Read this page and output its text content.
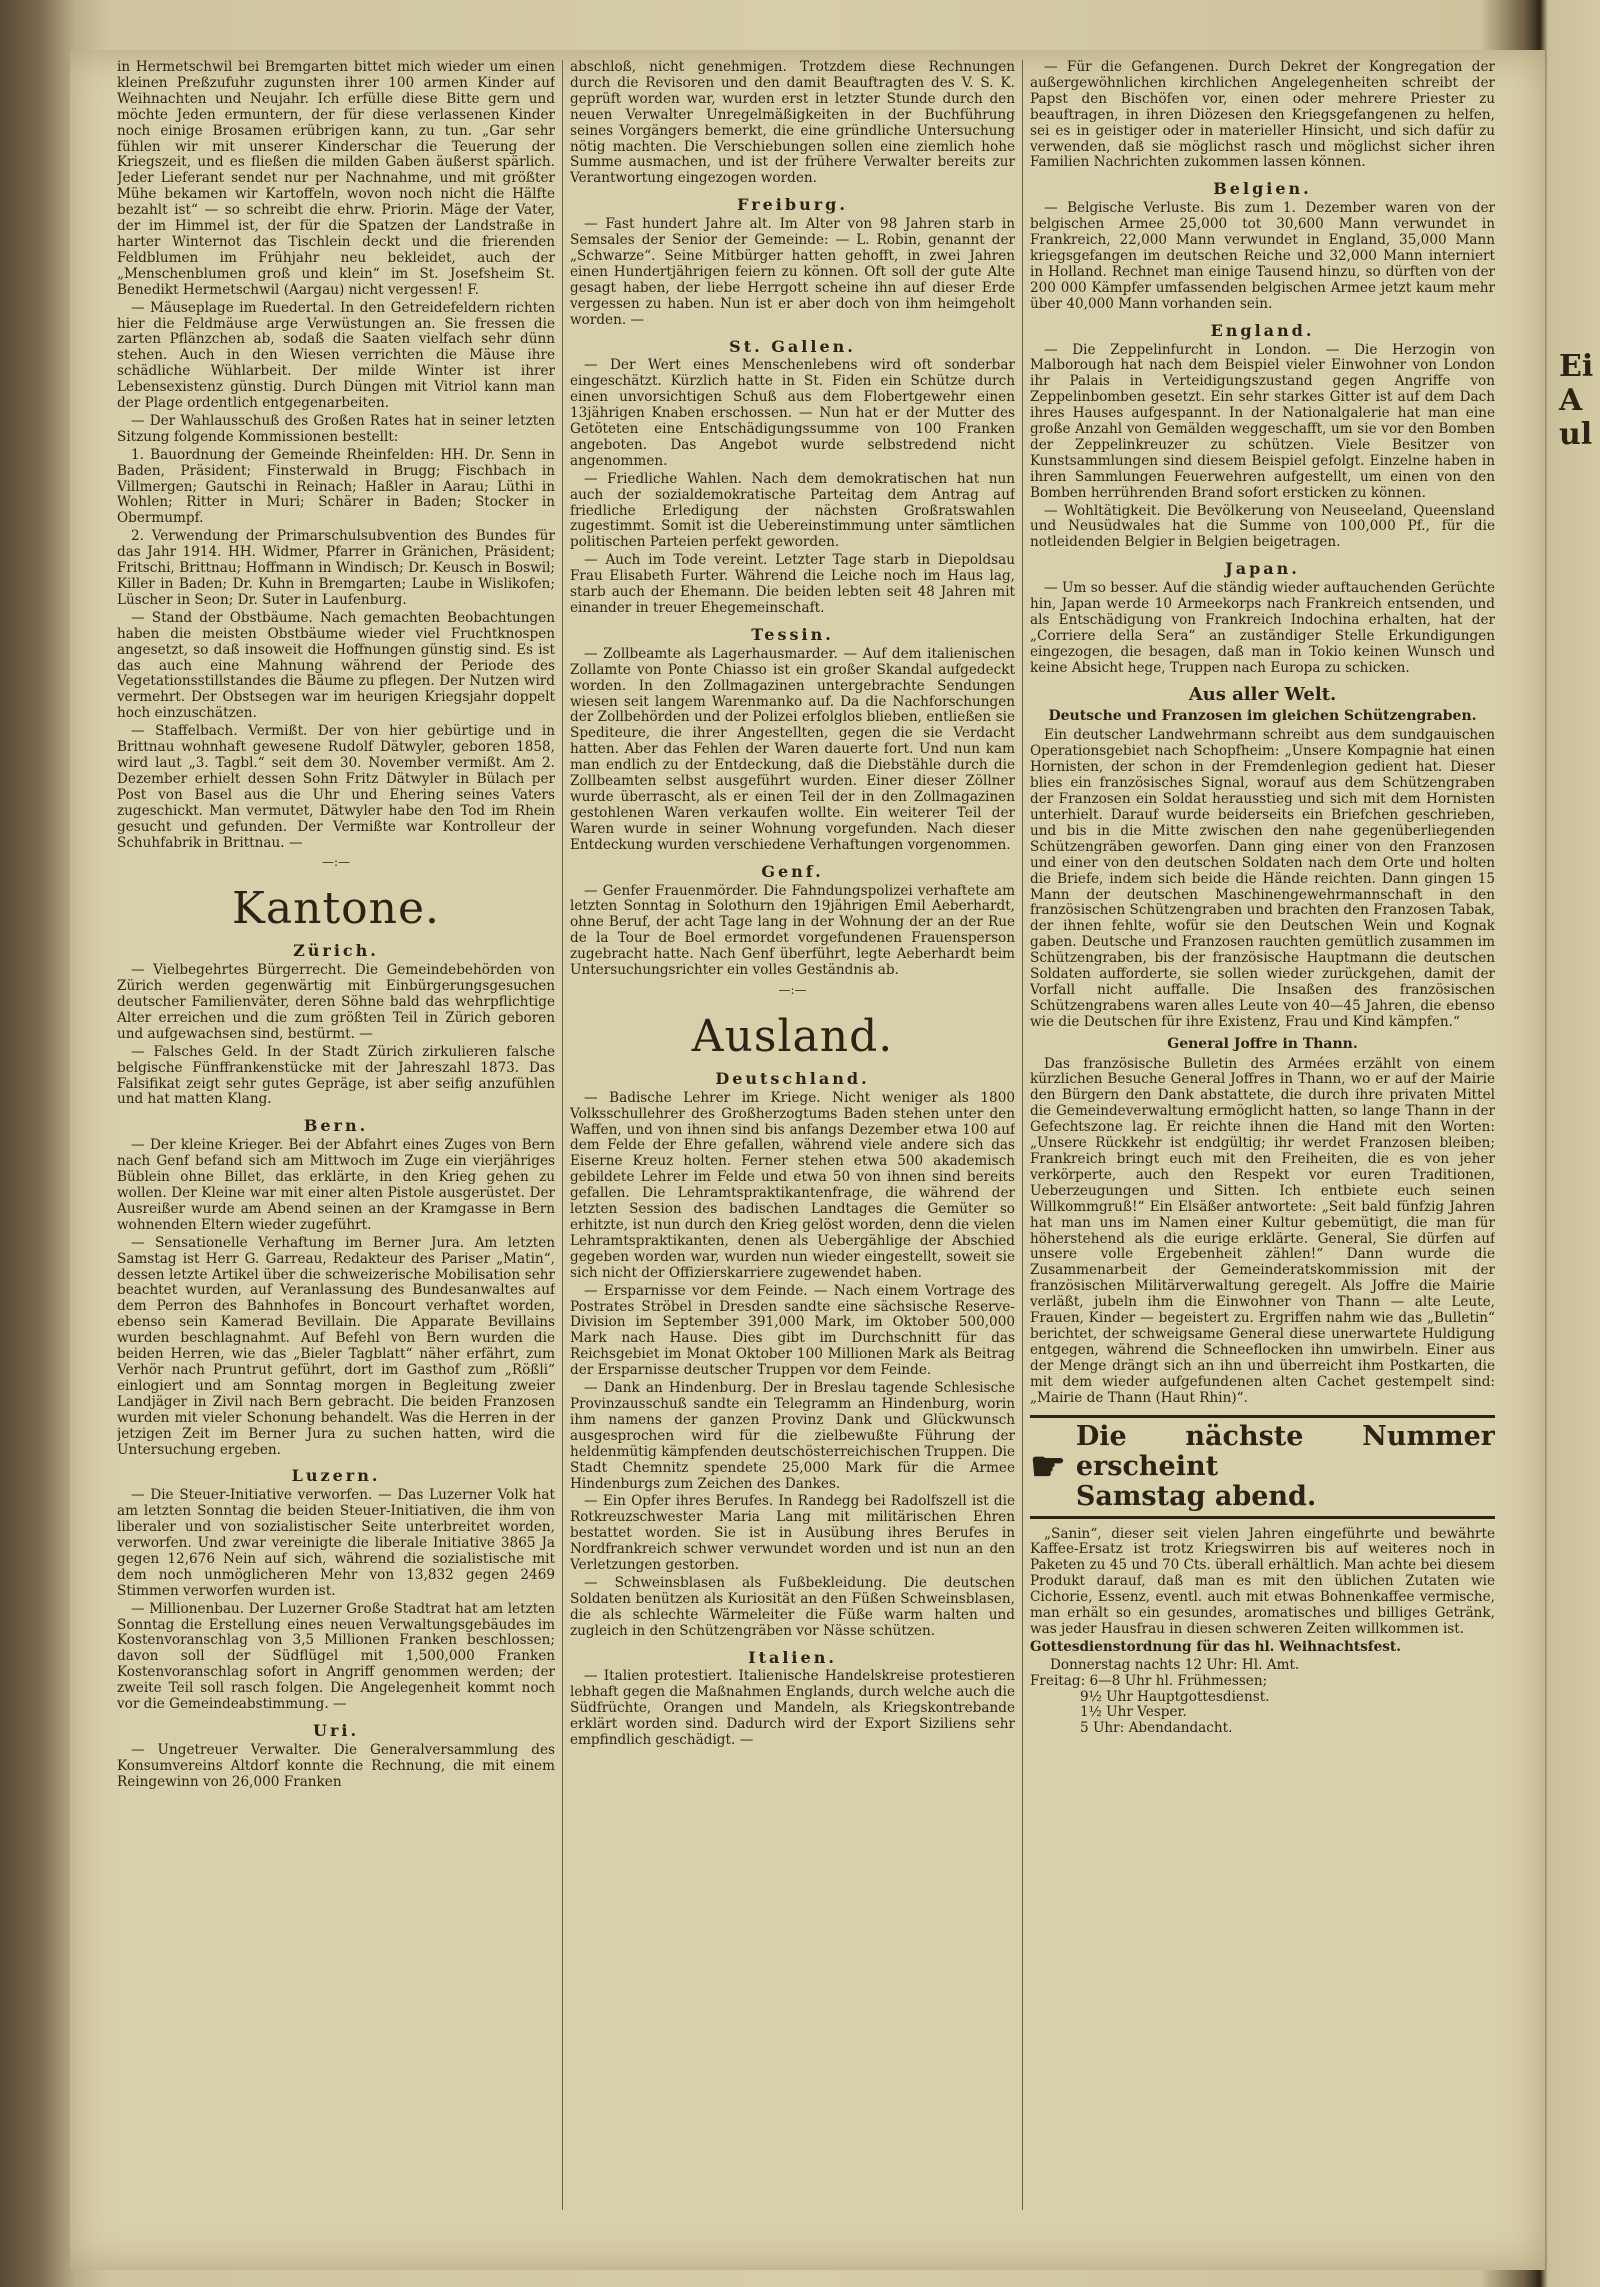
in Hermetschwil bei Bremgarten bittet mich wieder um einen kleinen Preßzufuhr zugunsten ihrer 100 armen Kinder auf Weihnachten und Neujahr. Ich erfülle diese Bitte gern und möchte Jeden ermuntern, der für diese verlassenen Kinder noch einige Brosamen erübrigen kann, zu tun. „Gar sehr fühlen wir mit unserer Kinderschar die Teuerung der Kriegszeit, und es fließen die milden Gaben äußerst spärlich. Jeder Lieferant sendet nur per Nachnahme, und mit größter Mühe bekamen wir Kartoffeln, wovon noch nicht die Hälfte bezahlt ist“ — so schreibt die ehrw. Priorin. Mäge der Vater, der im Himmel ist, der für die Spatzen der Landstraße in harter Winternot das Tischlein deckt und die frierenden Feldblumen im Frühjahr neu bekleidet, auch der „Menschenblumen groß und klein“ im St. Josefsheim St. Benedikt Hermetschwil (Aargau) nicht vergessen! F.

— Mäuseplage im Ruedertal. In den Getreidefeldern richten hier die Feldmäuse arge Verwüstungen an. Sie fressen die zarten Pflänzchen ab, sodaß die Saaten vielfach sehr dünn stehen. Auch in den Wiesen verrichten die Mäuse ihre schädliche Wühlarbeit. Der milde Winter ist ihrer Lebensexistenz günstig. Durch Düngen mit Vitriol kann man der Plage ordentlich entgegenarbeiten.

— Der Wahlausschuß des Großen Rates hat in seiner letzten Sitzung folgende Kommissionen bestellt:

1. Bauordnung der Gemeinde Rheinfelden: HH. Dr. Senn in Baden, Präsident; Finsterwald in Brugg; Fischbach in Villmergen; Gautschi in Reinach; Haßler in Aarau; Lüthi in Wohlen; Ritter in Muri; Schärer in Baden; Stocker in Obermumpf.

2. Verwendung der Primarschulsubvention des Bundes für das Jahr 1914. HH. Widmer, Pfarrer in Gränichen, Präsident; Fritschi, Brittnau; Hoffmann in Windisch; Dr. Keusch in Boswil; Killer in Baden; Dr. Kuhn in Bremgarten; Laube in Wislikofen; Lüscher in Seon; Dr. Suter in Laufenburg.

— Stand der Obstbäume. Nach gemachten Beobachtungen haben die meisten Obstbäume wieder viel Fruchtknospen angesetzt, so daß insoweit die Hoffnungen günstig sind. Es ist das auch eine Mahnung während der Periode des Vegetationsstillstandes die Bäume zu pflegen. Der Nutzen wird vermehrt. Der Obstsegen war im heurigen Kriegsjahr doppelt hoch einzuschätzen.

— Staffelbach. Vermißt. Der von hier gebürtige und in Brittnau wohnhaft gewesene Rudolf Dätwyler, geboren 1858, wird laut „3. Tagbl.“ seit dem 30. November vermißt. Am 2. Dezember erhielt dessen Sohn Fritz Dätwyler in Bülach per Post von Basel aus die Uhr und Ehering seines Vaters zugeschickt. Man vermutet, Dätwyler habe den Tod im Rhein gesucht und gefunden. Der Vermißte war Kontrolleur der Schuhfabrik in Brittnau. —

—:—
Kantone.
Zürich.

— Vielbegehrtes Bürgerrecht. Die Gemeindebehörden von Zürich werden gegenwärtig mit Einbürgerungsgesuchen deutscher Familienväter, deren Söhne bald das wehrpflichtige Alter erreichen und die zum größten Teil in Zürich geboren und aufgewachsen sind, bestürmt. —

— Falsches Geld. In der Stadt Zürich zirkulieren falsche belgische Fünffrankenstücke mit der Jahreszahl 1873. Das Falsifikat zeigt sehr gutes Gepräge, ist aber seifig anzufühlen und hat matten Klang.

Bern.

— Der kleine Krieger. Bei der Abfahrt eines Zuges von Bern nach Genf befand sich am Mittwoch im Zuge ein vierjähriges Büblein ohne Billet, das erklärte, in den Krieg gehen zu wollen. Der Kleine war mit einer alten Pistole ausgerüstet. Der Ausreißer wurde am Abend seinen an der Kramgasse in Bern wohnenden Eltern wieder zugeführt.

— Sensationelle Verhaftung im Berner Jura. Am letzten Samstag ist Herr G. Garreau, Redakteur des Pariser „Matin“, dessen letzte Artikel über die schweizerische Mobilisation sehr beachtet wurden, auf Veranlassung des Bundesanwaltes auf dem Perron des Bahnhofes in Boncourt verhaftet worden, ebenso sein Kamerad Bevillain. Die Apparate Bevillains wurden beschlagnahmt. Auf Befehl von Bern wurden die beiden Herren, wie das „Bieler Tagblatt“ näher erfährt, zum Verhör nach Pruntrut geführt, dort im Gasthof zum „Rößli“ einlogiert und am Sonntag morgen in Begleitung zweier Landjäger in Zivil nach Bern gebracht. Die beiden Franzosen wurden mit vieler Schonung behandelt. Was die Herren in der jetzigen Zeit im Berner Jura zu suchen hatten, wird die Untersuchung ergeben.

Luzern.

— Die Steuer-Initiative verworfen. — Das Luzerner Volk hat am letzten Sonntag die beiden Steuer-Initiativen, die ihm von liberaler und von sozialistischer Seite unterbreitet worden, verworfen. Und zwar vereinigte die liberale Initiative 3865 Ja gegen 12,676 Nein auf sich, während die sozialistische mit dem noch unmöglicheren Mehr von 13,832 gegen 2469 Stimmen verworfen wurden ist.

— Millionenbau. Der Luzerner Große Stadtrat hat am letzten Sonntag die Erstellung eines neuen Verwaltungsgebäudes im Kostenvoranschlag von 3,5 Millionen Franken beschlossen; davon soll der Südflügel mit 1,500,000 Franken Kostenvoranschlag sofort in Angriff genommen werden; der zweite Teil soll rasch folgen. Die Angelegenheit kommt noch vor die Gemeindeabstimmung. —

Uri.

— Ungetreuer Verwalter. Die Generalversammlung des Konsumvereins Altdorf konnte die Rechnung, die mit einem Reingewinn von 26,000 Franken

abschloß, nicht genehmigen. Trotzdem diese Rechnungen durch die Revisoren und den damit Beauftragten des V. S. K. geprüft worden war, wurden erst in letzter Stunde durch den neuen Verwalter Unregelmäßigkeiten in der Buchführung seines Vorgängers bemerkt, die eine gründliche Untersuchung nötig machten. Die Verschiebungen sollen eine ziemlich hohe Summe ausmachen, und ist der frühere Verwalter bereits zur Verantwortung eingezogen worden.

Freiburg.

— Fast hundert Jahre alt. Im Alter von 98 Jahren starb in Semsales der Senior der Gemeinde: — L. Robin, genannt der „Schwarze“. Seine Mitbürger hatten gehofft, in zwei Jahren einen Hundertjährigen feiern zu können. Oft soll der gute Alte gesagt haben, der liebe Herrgott scheine ihn auf dieser Erde vergessen zu haben. Nun ist er aber doch von ihm heimgeholt worden. —

St. Gallen.

— Der Wert eines Menschenlebens wird oft sonderbar eingeschätzt. Kürzlich hatte in St. Fiden ein Schütze durch einen unvorsichtigen Schuß aus dem Flobertgewehr einen 13jährigen Knaben erschossen. — Nun hat er der Mutter des Getöteten eine Entschädigungssumme von 100 Franken angeboten. Das Angebot wurde selbstredend nicht angenommen.

— Friedliche Wahlen. Nach dem demokratischen hat nun auch der sozialdemokratische Parteitag dem Antrag auf friedliche Erledigung der nächsten Großratswahlen zugestimmt. Somit ist die Uebereinstimmung unter sämtlichen politischen Parteien perfekt geworden.

— Auch im Tode vereint. Letzter Tage starb in Diepoldsau Frau Elisabeth Furter. Während die Leiche noch im Haus lag, starb auch der Ehemann. Die beiden lebten seit 48 Jahren mit einander in treuer Ehegemeinschaft.

Tessin.

— Zollbeamte als Lagerhausmarder. — Auf dem italienischen Zollamte von Ponte Chiasso ist ein großer Skandal aufgedeckt worden. In den Zollmagazinen untergebrachte Sendungen wiesen seit langem Warenmanko auf. Da die Nachforschungen der Zollbehörden und der Polizei erfolglos blieben, entließen sie Spediteure, die ihrer Angestellten, gegen die sie Verdacht hatten. Aber das Fehlen der Waren dauerte fort. Und nun kam man endlich zu der Entdeckung, daß die Diebstähle durch die Zollbeamten selbst ausgeführt wurden. Einer dieser Zöllner wurde überrascht, als er einen Teil der in den Zollmagazinen gestohlenen Waren verkaufen wollte. Ein weiterer Teil der Waren wurde in seiner Wohnung vorgefunden. Nach dieser Entdeckung wurden verschiedene Verhaftungen vorgenommen.

Genf.

— Genfer Frauenmörder. Die Fahndungspolizei verhaftete am letzten Sonntag in Solothurn den 19jährigen Emil Aeberhardt, ohne Beruf, der acht Tage lang in der Wohnung der an der Rue de la Tour de Boel ermordet vorgefundenen Frauensperson zugebracht hatte. Nach Genf überführt, legte Aeberhardt beim Untersuchungsrichter ein volles Geständnis ab.

—:—
Ausland.
Deutschland.

— Badische Lehrer im Kriege. Nicht weniger als 1800 Volksschullehrer des Großherzogtums Baden stehen unter den Waffen, und von ihnen sind bis anfangs Dezember etwa 100 auf dem Felde der Ehre gefallen, während viele andere sich das Eiserne Kreuz holten. Ferner stehen etwa 500 akademisch gebildete Lehrer im Felde und etwa 50 von ihnen sind bereits gefallen. Die Lehramtspraktikantenfrage, die während der letzten Session des badischen Landtages die Gemüter so erhitzte, ist nun durch den Krieg gelöst worden, denn die vielen Lehramtspraktikanten, denen als Uebergählige der Abschied gegeben worden war, wurden nun wieder eingestellt, soweit sie sich nicht der Offizierskarriere zugewendet haben.

— Ersparnisse vor dem Feinde. — Nach einem Vortrage des Postrates Ströbel in Dresden sandte eine sächsische Reserve-Division im September 391,000 Mark, im Oktober 500,000 Mark nach Hause. Dies gibt im Durchschnitt für das Reichsgebiet im Monat Oktober 100 Millionen Mark als Beitrag der Ersparnisse deutscher Truppen vor dem Feinde.

— Dank an Hindenburg. Der in Breslau tagende Schlesische Provinzausschuß sandte ein Telegramm an Hindenburg, worin ihm namens der ganzen Provinz Dank und Glückwunsch ausgesprochen wird für die zielbewußte Führung der heldenmütig kämpfenden deutschösterreichischen Truppen. Die Stadt Chemnitz spendete 25,000 Mark für die Armee Hindenburgs zum Zeichen des Dankes.

— Ein Opfer ihres Berufes. In Randegg bei Radolfszell ist die Rotkreuzschwester Maria Lang mit militärischen Ehren bestattet worden. Sie ist in Ausübung ihres Berufes in Nordfrankreich schwer verwundet worden und ist nun an den Verletzungen gestorben.

— Schweinsblasen als Fußbekleidung. Die deutschen Soldaten benützen als Kuriosität an den Füßen Schweinsblasen, die als schlechte Wärmeleiter die Füße warm halten und zugleich in den Schützengräben vor Nässe schützen.

Italien.

— Italien protestiert. Italienische Handelskreise protestieren lebhaft gegen die Maßnahmen Englands, durch welche auch die Südfrüchte, Orangen und Mandeln, als Kriegskontrebande erklärt worden sind. Dadurch wird der Export Siziliens sehr empfindlich geschädigt. —

— Für die Gefangenen. Durch Dekret der Kongregation der außergewöhnlichen kirchlichen Angelegenheiten schreibt der Papst den Bischöfen vor, einen oder mehrere Priester zu beauftragen, in ihren Diözesen den Kriegsgefangenen zu helfen, sei es in geistiger oder in materieller Hinsicht, und sich dafür zu verwenden, daß sie möglichst rasch und möglichst sicher ihren Familien Nachrichten zukommen lassen können.

Belgien.

— Belgische Verluste. Bis zum 1. Dezember waren von der belgischen Armee 25,000 tot 30,600 Mann verwundet in Frankreich, 22,000 Mann verwundet in England, 35,000 Mann kriegsgefangen im deutschen Reiche und 32,000 Mann interniert in Holland. Rechnet man einige Tausend hinzu, so dürften von der 200 000 Kämpfer umfassenden belgischen Armee jetzt kaum mehr über 40,000 Mann vorhanden sein.

England.

— Die Zeppelinfurcht in London. — Die Herzogin von Malborough hat nach dem Beispiel vieler Einwohner von London ihr Palais in Verteidigungszustand gegen Angriffe von Zeppelinbomben gesetzt. Ein sehr starkes Gitter ist auf dem Dach ihres Hauses aufgespannt. In der Nationalgalerie hat man eine große Anzahl von Gemälden weggeschafft, um sie vor den Bomben der Zeppelinkreuzer zu schützen. Viele Besitzer von Kunstsammlungen sind diesem Beispiel gefolgt. Einzelne haben in ihren Sammlungen Feuerwehren aufgestellt, um einen von den Bomben herrührenden Brand sofort ersticken zu können.

— Wohltätigkeit. Die Bevölkerung von Neuseeland, Queensland und Neusüdwales hat die Summe von 100,000 Pf., für die notleidenden Belgier in Belgien beigetragen.

Japan.

— Um so besser. Auf die ständig wieder auftauchenden Gerüchte hin, Japan werde 10 Armeekorps nach Frankreich entsenden, und als Entschädigung von Frankreich Indochina erhalten, hat der „Corriere della Sera“ an zuständiger Stelle Erkundigungen eingezogen, die besagen, daß man in Tokio keinen Wunsch und keine Absicht hege, Truppen nach Europa zu schicken.

Aus aller Welt.
Deutsche und Franzosen im gleichen Schützengraben.

Ein deutscher Landwehrmann schreibt aus dem sundgauischen Operationsgebiet nach Schopfheim: „Unsere Kompagnie hat einen Hornisten, der schon in der Fremdenlegion gedient hat. Dieser blies ein französisches Signal, worauf aus dem Schützengraben der Franzosen ein Soldat herausstieg und sich mit dem Hornisten unterhielt. Darauf wurde beiderseits ein Briefchen geschrieben, und bis in die Mitte zwischen den nahe gegenüberliegenden Schützengräben geworfen. Dann ging einer von den Franzosen und einer von den deutschen Soldaten nach dem Orte und holten die Briefe, indem sich beide die Hände reichten. Dann gingen 15 Mann der deutschen Maschinengewehrmannschaft in den französischen Schützengraben und brachten den Franzosen Tabak, der ihnen fehlte, wofür sie den Deutschen Wein und Kognak gaben. Deutsche und Franzosen rauchten gemütlich zusammen im Schützengraben, bis der französische Hauptmann die deutschen Soldaten aufforderte, sie sollen wieder zurückgehen, damit der Vorfall nicht auffalle. Die Insaßen des französischen Schützengrabens waren alles Leute von 40—45 Jahren, die ebenso wie die Deutschen für ihre Existenz, Frau und Kind kämpfen.“

General Joffre in Thann.

Das französische Bulletin des Armées erzählt von einem kürzlichen Besuche General Joffres in Thann, wo er auf der Mairie den Bürgern den Dank abstattete, die durch ihre privaten Mittel die Gemeindeverwaltung ermöglicht hatten, so lange Thann in der Gefechtszone lag. Er reichte ihnen die Hand mit den Worten: „Unsere Rückkehr ist endgültig; ihr werdet Franzosen bleiben; Frankreich bringt euch mit den Freiheiten, die es von jeher verkörperte, auch den Respekt vor euren Traditionen, Ueberzeugungen und Sitten. Ich entbiete euch seinen Willkommgruß!“ Ein Elsäßer antwortete: „Seit bald fünfzig Jahren hat man uns im Namen einer Kultur gebemütigt, die man für höherstehend als die eurige erklärte. General, Sie dürfen auf unsere volle Ergebenheit zählen!“ Dann wurde die Zusammenarbeit der Gemeinderatskommission mit der französischen Militärverwaltung geregelt. Als Joffre die Mairie verläßt, jubeln ihm die Einwohner von Thann — alte Leute, Frauen, Kinder — begeistert zu. Ergriffen nahm wie das „Bulletin“ berichtet, der schweigsame General diese unerwartete Huldigung entgegen, während die Schneeflocken ihn umwirbeln. Einer aus der Menge drängt sich an ihn und überreicht ihm Postkarten, die mit dem wieder aufgefundenen alten Cachet gestempelt sind: „Mairie de Thann (Haut Rhin)“.

☛
Die nächste Nummer erscheint
Samstag abend.

„Sanin“, dieser seit vielen Jahren eingeführte und bewährte Kaffee-Ersatz ist trotz Kriegswirren bis auf weiteres noch in Paketen zu 45 und 70 Cts. überall erhältlich. Man achte bei diesem Produkt darauf, daß man es mit den üblichen Zutaten wie Cichorie, Essenz, eventl. auch mit etwas Bohnenkaffee vermische, man erhält so ein gesundes, aromatisches und billiges Getränk, was jeder Hausfrau in diesen schweren Zeiten willkommen ist.

Gottesdienstordnung für das hl. Weihnachtsfest.

Donnerstag nachts 12 Uhr: Hl. Amt.
Freitag: 6—8 Uhr hl. Frühmessen;
9½ Uhr Hauptgottesdienst.
1½ Uhr Vesper.
5 Uhr: Abendandacht.
Ei Aul
